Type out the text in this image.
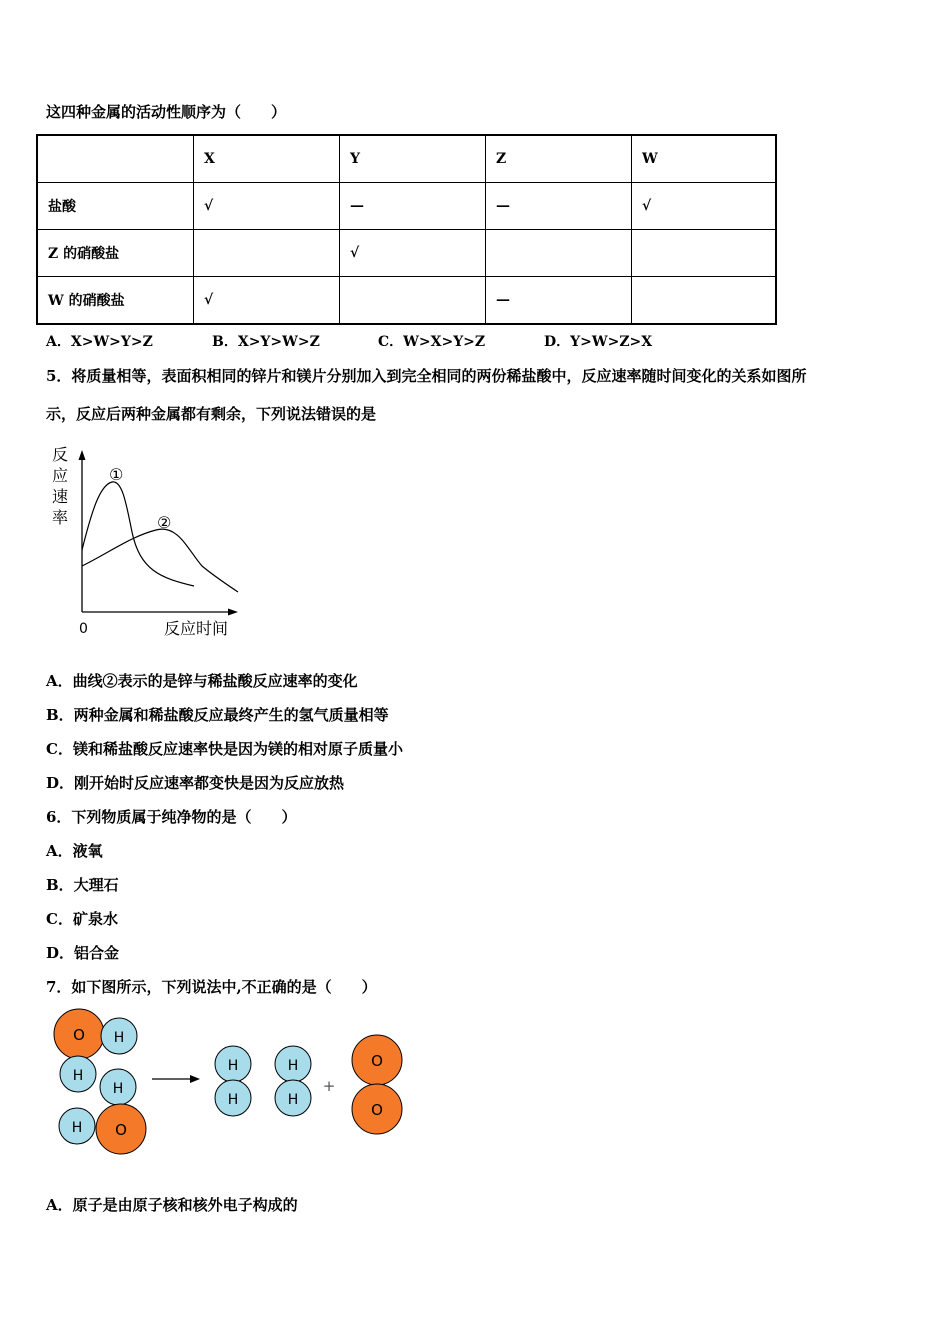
这四种金属的活动性顺序为（　　）
	X	Y	Z	W
盐酸	√	—	—	√
Z 的硝酸盐		√		
W 的硝酸盐	√		—	
A．X>W>Y>Z	B．X>Y>W>Z	C．W>X>Y>Z	D．Y>W>Z>X
5．将质量相等，表面积相同的锌片和镁片分别加入到完全相同的两份稀盐酸中，反应速率随时间变化的关系如图所
示，反应后两种金属都有剩余，下列说法错误的是
反
应
速
率
①
②
0	反应时间
A．曲线②表示的是锌与稀盐酸反应速率的变化
B．两种金属和稀盐酸反应最终产生的氢气质量相等
C．镁和稀盐酸反应速率快是因为镁的相对原子质量小
D．刚开始时反应速率都变快是因为反应放热
6．下列物质属于纯净物的是（　　）
A．液氧
B．大理石
C．矿泉水
D．铝合金
7．如下图所示，下列说法中,不正确的是（　　）
O H
H
H
H O
H
H
H
H
+
O
O
A．原子是由原子核和核外电子构成的
